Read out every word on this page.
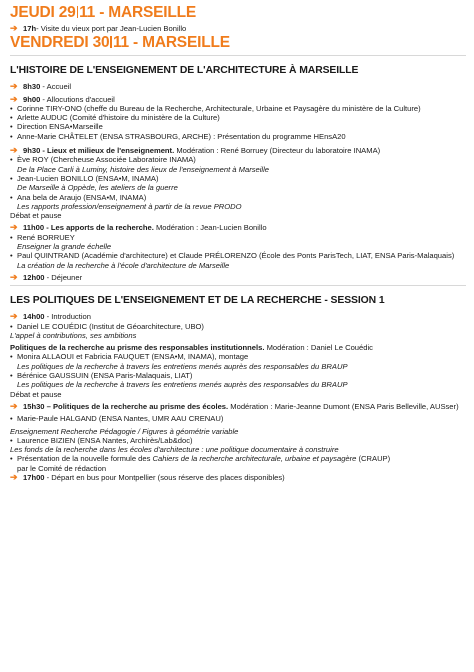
JEUDI 29 11 - MARSEILLE
➔ 17h- Visite du vieux port par Jean-Lucien Bonillo
VENDREDI 30 11 - MARSEILLE
L'HISTOIRE DE L'ENSEIGNEMENT DE L'ARCHITECTURE À MARSEILLE
➔ 8h30 - Accueil
➔ 9h00 - Allocutions d'accueil
• Corinne TIRY-ONO (cheffe du Bureau de la Recherche, Architecturale, Urbaine et Paysagère du ministère de la Culture)
• Arlette AUDUC (Comité d'histoire du ministère de la Culture)
• Direction ENSA•Marseille
• Anne-Marie CHÂTELET (ENSA STRASBOURG, ARCHE) : Présentation du programme HEnsA20
➔ 9h30 - Lieux et milieux de l'enseignement. Modération : René Borruey (Directeur du laboratoire INAMA)
• Ève ROY (Chercheuse Associée Laboratoire INAMA)
De la Place Carli à Luminy, histoire des lieux de l'enseignement à Marseille
• Jean-Lucien BONILLO (ENSA•M, INAMA)
De Marseille à Oppède, les ateliers de la guerre
• Ana bela de Araujo (ENSA•M, INAMA)
Les rapports profession/enseignement à partir de la revue PRODO
Débat et pause
➔ 11h00 - Les apports de la recherche. Modération : Jean-Lucien Bonillo
• René BORRUEY
Enseigner la grande échelle
• Paul QUINTRAND (Académie d'architecture) et Claude PRÉLORENZO (École des Ponts ParisTech, LIAT, ENSA Paris-Malaquais)
La création de la recherche à l'école d'architecture de Marseille
➔ 12h00 - Déjeuner
LES POLITIQUES DE L'ENSEIGNEMENT ET DE LA RECHERCHE - SESSION 1
➔ 14h00 - Introduction
• Daniel LE COUÉDIC (Institut de Géoarchitecture, UBO)
L'appel à contributions, ses ambitions
Politiques de la recherche au prisme des responsables institutionnels. Modération : Daniel Le Couédic
• Monira ALLAOUI et Fabricia FAUQUET (ENSA•M, INAMA), montage
Les politiques de la recherche à travers les entretiens menés auprès des responsables du BRAUP
• Bérénice GAUSSUIN (ENSA Paris-Malaquais, LIAT)
Les politiques de la recherche à travers les entretiens menés auprès des responsables du BRAUP
Débat et pause
➔ 15h30 – Politiques de la recherche au prisme des écoles. Modération : Marie-Jeanne Dumont (ENSA Paris Belleville, AUSser)
• Marie-Paule HALGAND (ENSA Nantes, UMR AAU CRENAU)
Enseignement Recherche Pédagogie / Figures à géométrie variable
• Laurence BIZIEN (ENSA Nantes, Archirès/Lab&doc)
Les fonds de la recherche dans les écoles d'architecture : une politique documentaire à construire
• Présentation de la nouvelle formule des Cahiers de la recherche architecturale, urbaine et paysagère (CRAUP)
par le Comité de rédaction
➔ 17h00 - Départ en bus pour Montpellier (sous réserve des places disponibles)
